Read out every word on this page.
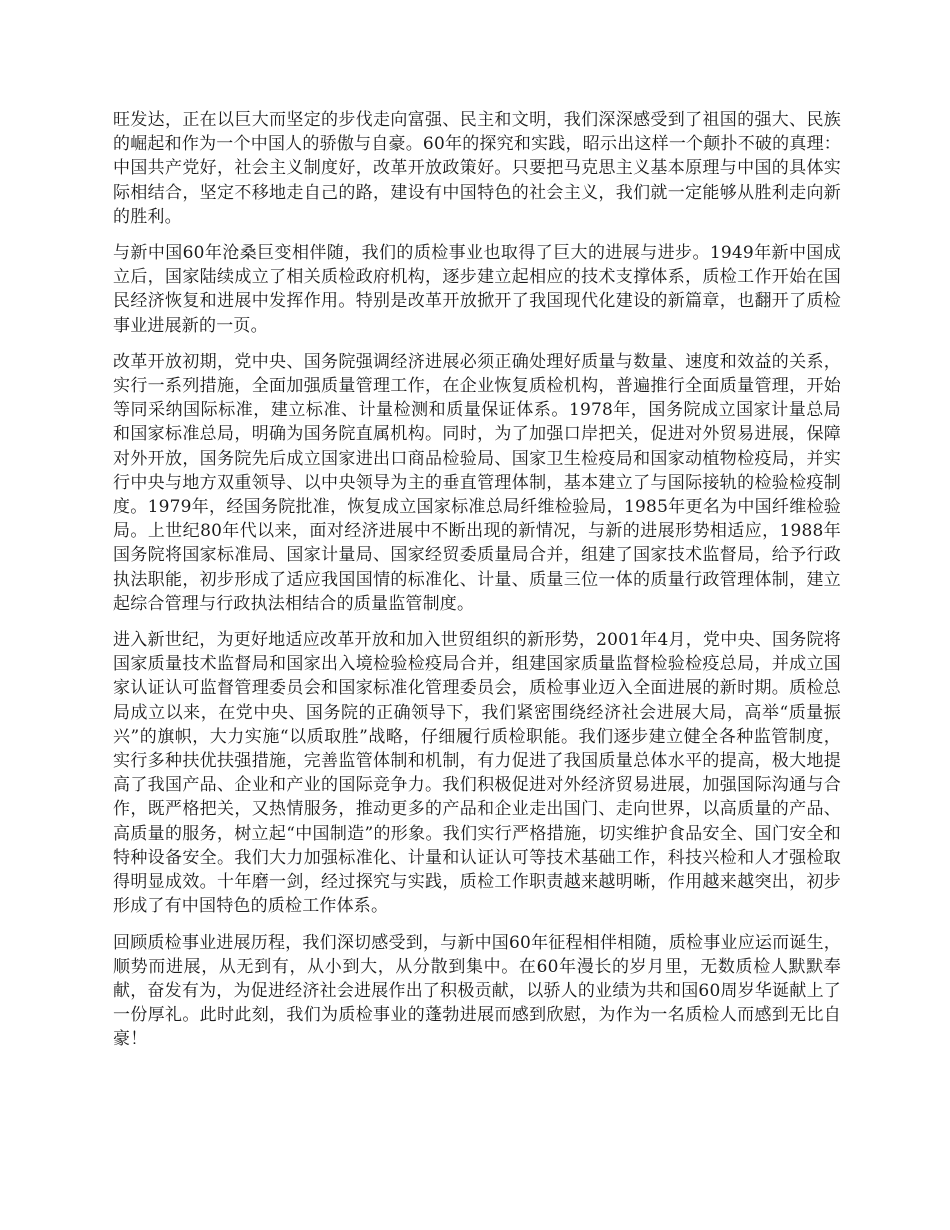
旺发达，正在以巨大而坚定的步伐走向富强、民主和文明，我们深深感受到了祖国的强大、民族的崛起和作为一个中国人的骄傲与自豪。60年的探究和实践，昭示出这样一个颠扑不破的真理：中国共产党好，社会主义制度好，改革开放政策好。只要把马克思主义基本原理与中国的具体实际相结合，坚定不移地走自己的路，建设有中国特色的社会主义，我们就一定能够从胜利走向新的胜利。

与新中国60年沧桑巨变相伴随，我们的质检事业也取得了巨大的进展与进步。1949年新中国成立后，国家陆续成立了相关质检政府机构，逐步建立起相应的技术支撑体系，质检工作开始在国民经济恢复和进展中发挥作用。特别是改革开放掀开了我国现代化建设的新篇章，也翻开了质检事业进展新的一页。

改革开放初期，党中央、国务院强调经济进展必须正确处理好质量与数量、速度和效益的关系，实行一系列措施，全面加强质量管理工作，在企业恢复质检机构，普遍推行全面质量管理，开始等同采纳国际标准，建立标准、计量检测和质量保证体系。1978年，国务院成立国家计量总局和国家标准总局，明确为国务院直属机构。同时，为了加强口岸把关，促进对外贸易进展，保障对外开放，国务院先后成立国家进出口商品检验局、国家卫生检疫局和国家动植物检疫局，并实行中央与地方双重领导、以中央领导为主的垂直管理体制，基本建立了与国际接轨的检验检疫制度。1979年，经国务院批准，恢复成立国家标准总局纤维检验局，1985年更名为中国纤维检验局。上世纪80年代以来，面对经济进展中不断出现的新情况，与新的进展形势相适应，1988年国务院将国家标准局、国家计量局、国家经贸委质量局合并，组建了国家技术监督局，给予行政执法职能，初步形成了适应我国国情的标准化、计量、质量三位一体的质量行政管理体制，建立起综合管理与行政执法相结合的质量监管制度。

进入新世纪，为更好地适应改革开放和加入世贸组织的新形势，2001年4月，党中央、国务院将国家质量技术监督局和国家出入境检验检疫局合并，组建国家质量监督检验检疫总局，并成立国家认证认可监督管理委员会和国家标准化管理委员会，质检事业迈入全面进展的新时期。质检总局成立以来，在党中央、国务院的正确领导下，我们紧密围绕经济社会进展大局，高举“质量振兴”的旗帜，大力实施“以质取胜”战略，仔细履行质检职能。我们逐步建立健全各种监管制度，实行多种扶优扶强措施，完善监管体制和机制，有力促进了我国质量总体水平的提高，极大地提高了我国产品、企业和产业的国际竞争力。我们积极促进对外经济贸易进展，加强国际沟通与合作，既严格把关，又热情服务，推动更多的产品和企业走出国门、走向世界，以高质量的产品、高质量的服务，树立起“中国制造”的形象。我们实行严格措施，切实维护食品安全、国门安全和特种设备安全。我们大力加强标准化、计量和认证认可等技术基础工作，科技兴检和人才强检取得明显成效。十年磨一剑，经过探究与实践，质检工作职责越来越明晰，作用越来越突出，初步形成了有中国特色的质检工作体系。

回顾质检事业进展历程，我们深切感受到，与新中国60年征程相伴相随，质检事业应运而诞生，顺势而进展，从无到有，从小到大，从分散到集中。在60年漫长的岁月里，无数质检人默默奉献，奋发有为，为促进经济社会进展作出了积极贡献，以骄人的业绩为共和国60周岁华诞献上了一份厚礼。此时此刻，我们为质检事业的蓬勃进展而感到欣慰，为作为一名质检人而感到无比自豪！
